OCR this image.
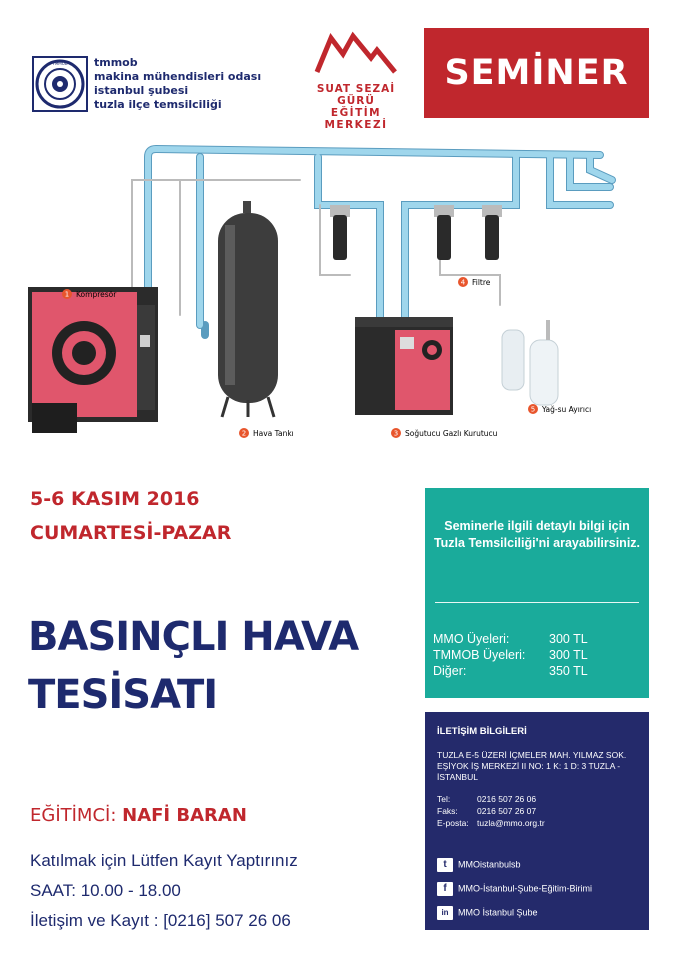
TMMOB tmmob
makina mühendisleri odası
istanbul şubesi
tuzla ilçe temsilciliği
SUAT SEZAİ GÜRÜ
EĞİTİM MERKEZİ
SEMİNER
1 Kompresör
2 Hava Tankı	3 Soğutucu Gazlı Kurutucu
4 Filtre
5 Yağ-su Ayırıcı
5-6 KASIM 2016
CUMARTESİ-PAZAR
BASINÇLI HAVA
TESİSATI
EĞİTİMCİ: NAFİ BARAN
Katılmak için Lütfen Kayıt Yaptırınız
SAAT: 10.00 - 18.00
İletişim ve Kayıt : [0216] 507 26 06
Seminerle ilgili detaylı bilgi için Tuzla Temsilciliği'ni arayabilirsiniz.
MMO Üyeleri:	300 TL
TMMOB Üyeleri: 300 TL
Diğer:	350 TL
İLETİŞİM BİLGİLERİ
TUZLA E-5 ÜZERİ İÇMELER MAH. YILMAZ SOK. EŞİYOK İŞ MERKEZİ II NO: 1 K: 1 D: 3 TUZLA - İSTANBUL
Tel:	0216 507 26 06
Faks: 0216 507 26 07
E-posta: tuzla@mmo.org.tr
t MMOistanbulsb
f MMO-İstanbul-Şube-Eğitim-Birimi
in MMO İstanbul Şube
